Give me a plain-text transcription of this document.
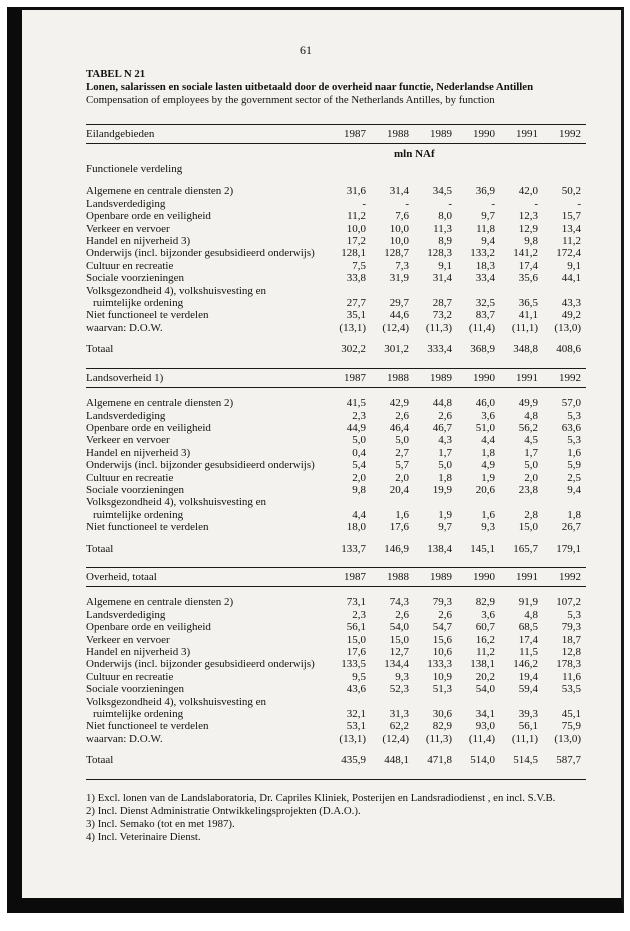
61
TABEL N 21
Lonen, salarissen en sociale lasten uitbetaald door de overheid naar functie, Nederlandse Antillen
Compensation of employees by the government sector of the Netherlands Antilles, by function
Eilandgebieden	1987	1988	1989	1990	1991	1992
mln NAf
Functionele verdeling
Algemene en centrale diensten 2)	31,6	31,4	34,5	36,9	42,0	50,2
Landsverdediging	-	-	-	-	-	-
Openbare orde en veiligheid	11,2	7,6	8,0	9,7	12,3	15,7
Verkeer en vervoer	10,0	10,0	11,3	11,8	12,9	13,4
Handel en nijverheid 3)	17,2	10,0	8,9	9,4	9,8	11,2
Onderwijs (incl. bijzonder gesubsidieerd onderwijs)	128,1	128,7	128,3	133,2	141,2	172,4
Cultuur en recreatie	7,5	7,3	9,1	18,3	17,4	9,1
Sociale voorzieningen	33,8	31,9	31,4	33,4	35,6	44,1
Volksgezondheid 4), volkshuisvesting en
ruimtelijke ordening	27,7	29,7	28,7	32,5	36,5	43,3
Niet functioneel te verdelen	35,1	44,6	73,2	83,7	41,1	49,2
waarvan: D.O.W.	(13,1)	(12,4)	(11,3)	(11,4)	(11,1)	(13,0)
Totaal	302,2	301,2	333,4	368,9	348,8	408,6
Landsoverheid 1)	1987	1988	1989	1990	1991	1992
Algemene en centrale diensten 2)	41,5	42,9	44,8	46,0	49,9	57,0
Landsverdediging	2,3	2,6	2,6	3,6	4,8	5,3
Openbare orde en veiligheid	44,9	46,4	46,7	51,0	56,2	63,6
Verkeer en vervoer	5,0	5,0	4,3	4,4	4,5	5,3
Handel en nijverheid 3)	0,4	2,7	1,7	1,8	1,7	1,6
Onderwijs (incl. bijzonder gesubsidieerd onderwijs)	5,4	5,7	5,0	4,9	5,0	5,9
Cultuur en recreatie	2,0	2,0	1,8	1,9	2,0	2,5
Sociale voorzieningen	9,8	20,4	19,9	20,6	23,8	9,4
Volksgezondheid 4), volkshuisvesting en
ruimtelijke ordening	4,4	1,6	1,9	1,6	2,8	1,8
Niet functioneel te verdelen	18,0	17,6	9,7	9,3	15,0	26,7
Totaal	133,7	146,9	138,4	145,1	165,7	179,1
Overheid, totaal	1987	1988	1989	1990	1991	1992
Algemene en centrale diensten 2)	73,1	74,3	79,3	82,9	91,9	107,2
Landsverdediging	2,3	2,6	2,6	3,6	4,8	5,3
Openbare orde en veiligheid	56,1	54,0	54,7	60,7	68,5	79,3
Verkeer en vervoer	15,0	15,0	15,6	16,2	17,4	18,7
Handel en nijverheid 3)	17,6	12,7	10,6	11,2	11,5	12,8
Onderwijs (incl. bijzonder gesubsidieerd onderwijs)	133,5	134,4	133,3	138,1	146,2	178,3
Cultuur en recreatie	9,5	9,3	10,9	20,2	19,4	11,6
Sociale voorzieningen	43,6	52,3	51,3	54,0	59,4	53,5
Volksgezondheid 4), volkshuisvesting en
ruimtelijke ordening	32,1	31,3	30,6	34,1	39,3	45,1
Niet functioneel te verdelen	53,1	62,2	82,9	93,0	56,1	75,9
waarvan: D.O.W.	(13,1)	(12,4)	(11,3)	(11,4)	(11,1)	(13,0)
Totaal	435,9	448,1	471,8	514,0	514,5	587,7
1) Excl. lonen van de Landslaboratoria, Dr. Capriles Kliniek, Posterijen en Landsradiodienst , en incl. S.V.B.
2) Incl. Dienst Administratie Ontwikkelingsprojekten (D.A.O.).
3) Incl. Semako (tot en met 1987).
4) Incl. Veterinaire Dienst.
